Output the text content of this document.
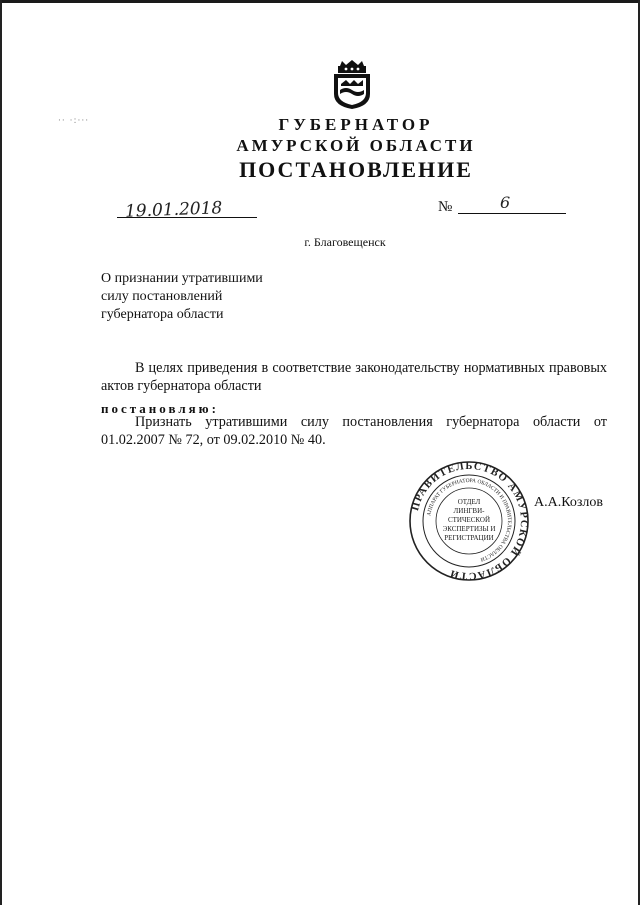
·· ·:···	ГУБЕРНАТОР
АМУРСКОЙ ОБЛАСТИ
ПОСТАНОВЛЕНИЕ
19.01.2018	№	6
г. Благовещенск
О признании утратившими
силу постановлений
губернатора области
В целях приведения в соответствие законодательству нормативных правовых актов губернатора области
постановляю:
Признать утратившими силу постановления губернатора области от 01.02.2007 № 72, от 09.02.2010 № 40.
ПРАВИТЕЛЬСТВО АМУРСКОЙ ОБЛАСТИ
АППАРАТ ГУБЕРНАТОРА ОБЛАСТИ И ПРАВИТЕЛЬСТВА ОБЛАСТИ
ОТДЕЛ
ЛИНГВИ-
СТИЧЕСКОЙ
ЭКСПЕРТИЗЫ И
РЕГИСТРАЦИИ
А.А.Козлов
